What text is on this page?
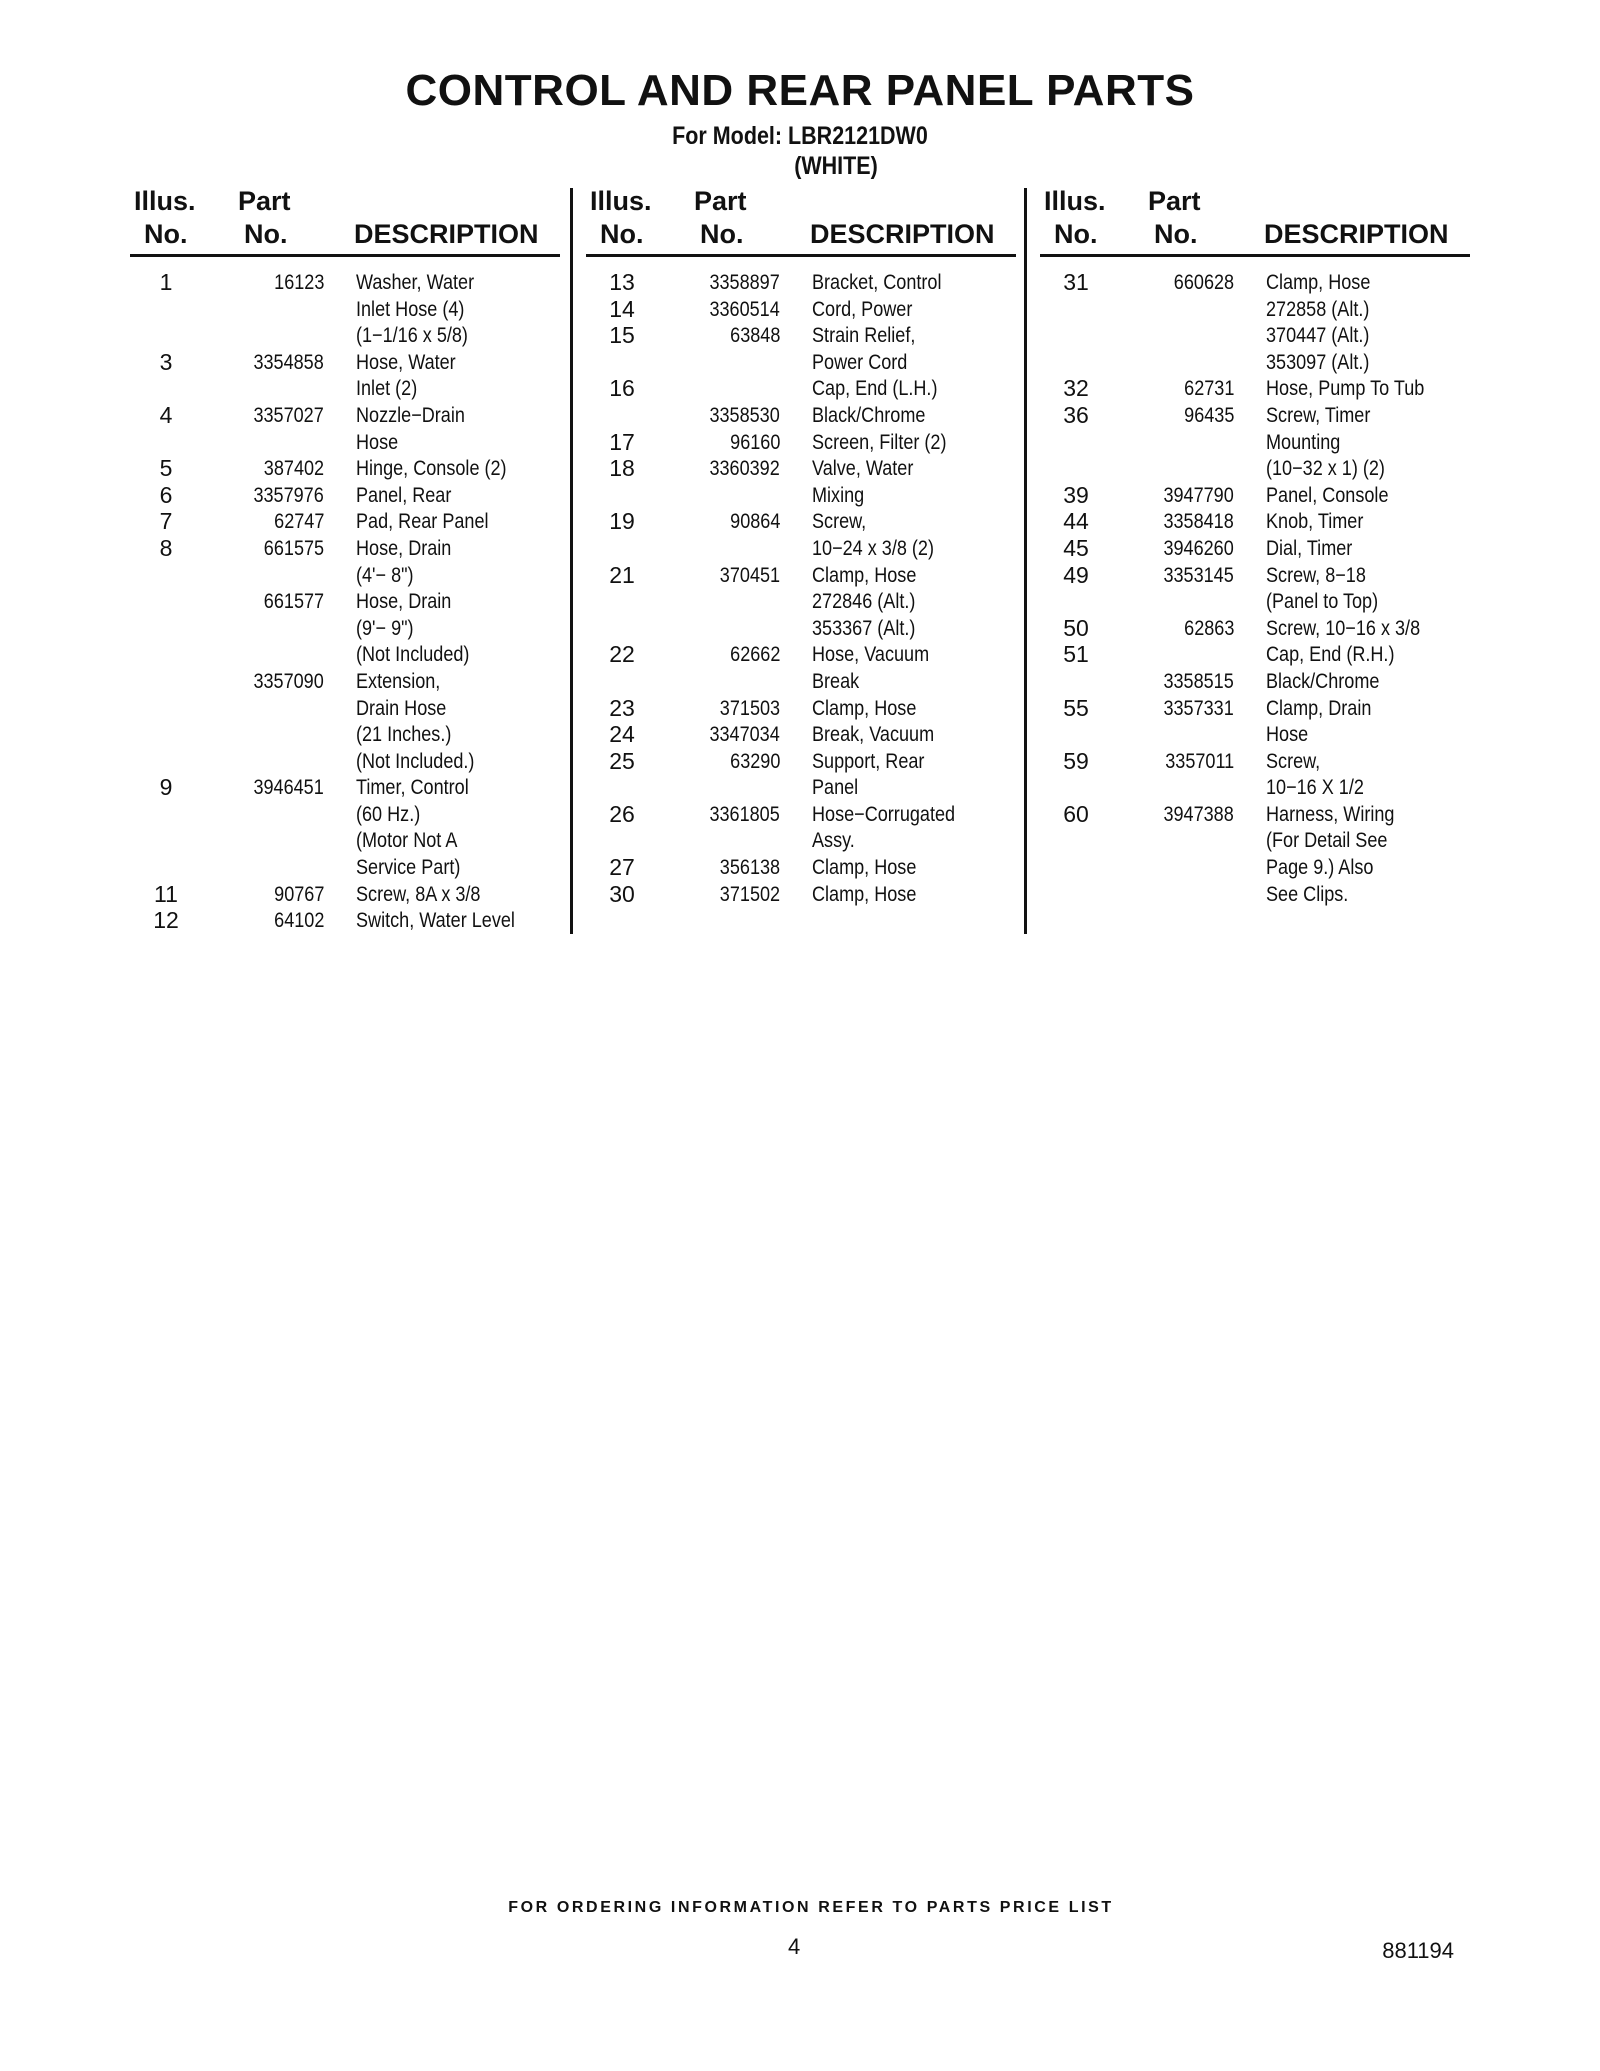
CONTROL AND REAR PANEL PARTS
For Model: LBR2121DW0
(WHITE)
Illus.
No.
Part
No. DESCRIPTION
1	16123 Washer, Water
Inlet Hose (4)
(1−1/16 x 5/8)
3	3354858 Hose, Water
Inlet (2)
4	3357027 Nozzle−Drain
Hose
5	387402 Hinge, Console (2)
6	3357976 Panel, Rear
7	62747 Pad, Rear Panel
8	661575 Hose, Drain
(4'− 8")
661577 Hose, Drain
(9'− 9")
(Not Included)
3357090 Extension,
Drain Hose
(21 Inches.)
(Not Included.)
9	3946451 Timer, Control
(60 Hz.)
(Motor Not A
Service Part)
11	90767 Screw, 8A x 3/8
12	64102 Switch, Water Level
Illus.
No.
Part
No. DESCRIPTION
13	3358897 Bracket, Control
14	3360514 Cord, Power
15	63848 Strain Relief,
Power Cord
16	Cap, End (L.H.)
3358530 Black/Chrome
17	96160 Screen, Filter (2)
18	3360392 Valve, Water
Mixing
19	90864 Screw,
10−24 x 3/8 (2)
21	370451 Clamp, Hose
272846 (Alt.)
353367 (Alt.)
22	62662 Hose, Vacuum
Break
23	371503 Clamp, Hose
24	3347034 Break, Vacuum
25	63290 Support, Rear
Panel
26	3361805 Hose−Corrugated
Assy.
27	356138 Clamp, Hose
30	371502 Clamp, Hose
Illus.
No.
Part
No. DESCRIPTION
31	660628 Clamp, Hose
272858 (Alt.)
370447 (Alt.)
353097 (Alt.)
32	62731 Hose, Pump To Tub
36	96435 Screw, Timer
Mounting
(10−32 x 1) (2)
39	3947790 Panel, Console
44	3358418 Knob, Timer
45	3946260 Dial, Timer
49	3353145 Screw, 8−18
(Panel to Top)
50	62863 Screw, 10−16 x 3/8
51	Cap, End (R.H.)
3358515 Black/Chrome
55	3357331 Clamp, Drain
Hose
59	3357011 Screw,
10−16 X 1/2
60	3947388 Harness, Wiring
(For Detail See
Page 9.) Also
See Clips.
FOR ORDERING INFORMATION REFER TO PARTS PRICE LIST
4	881194
